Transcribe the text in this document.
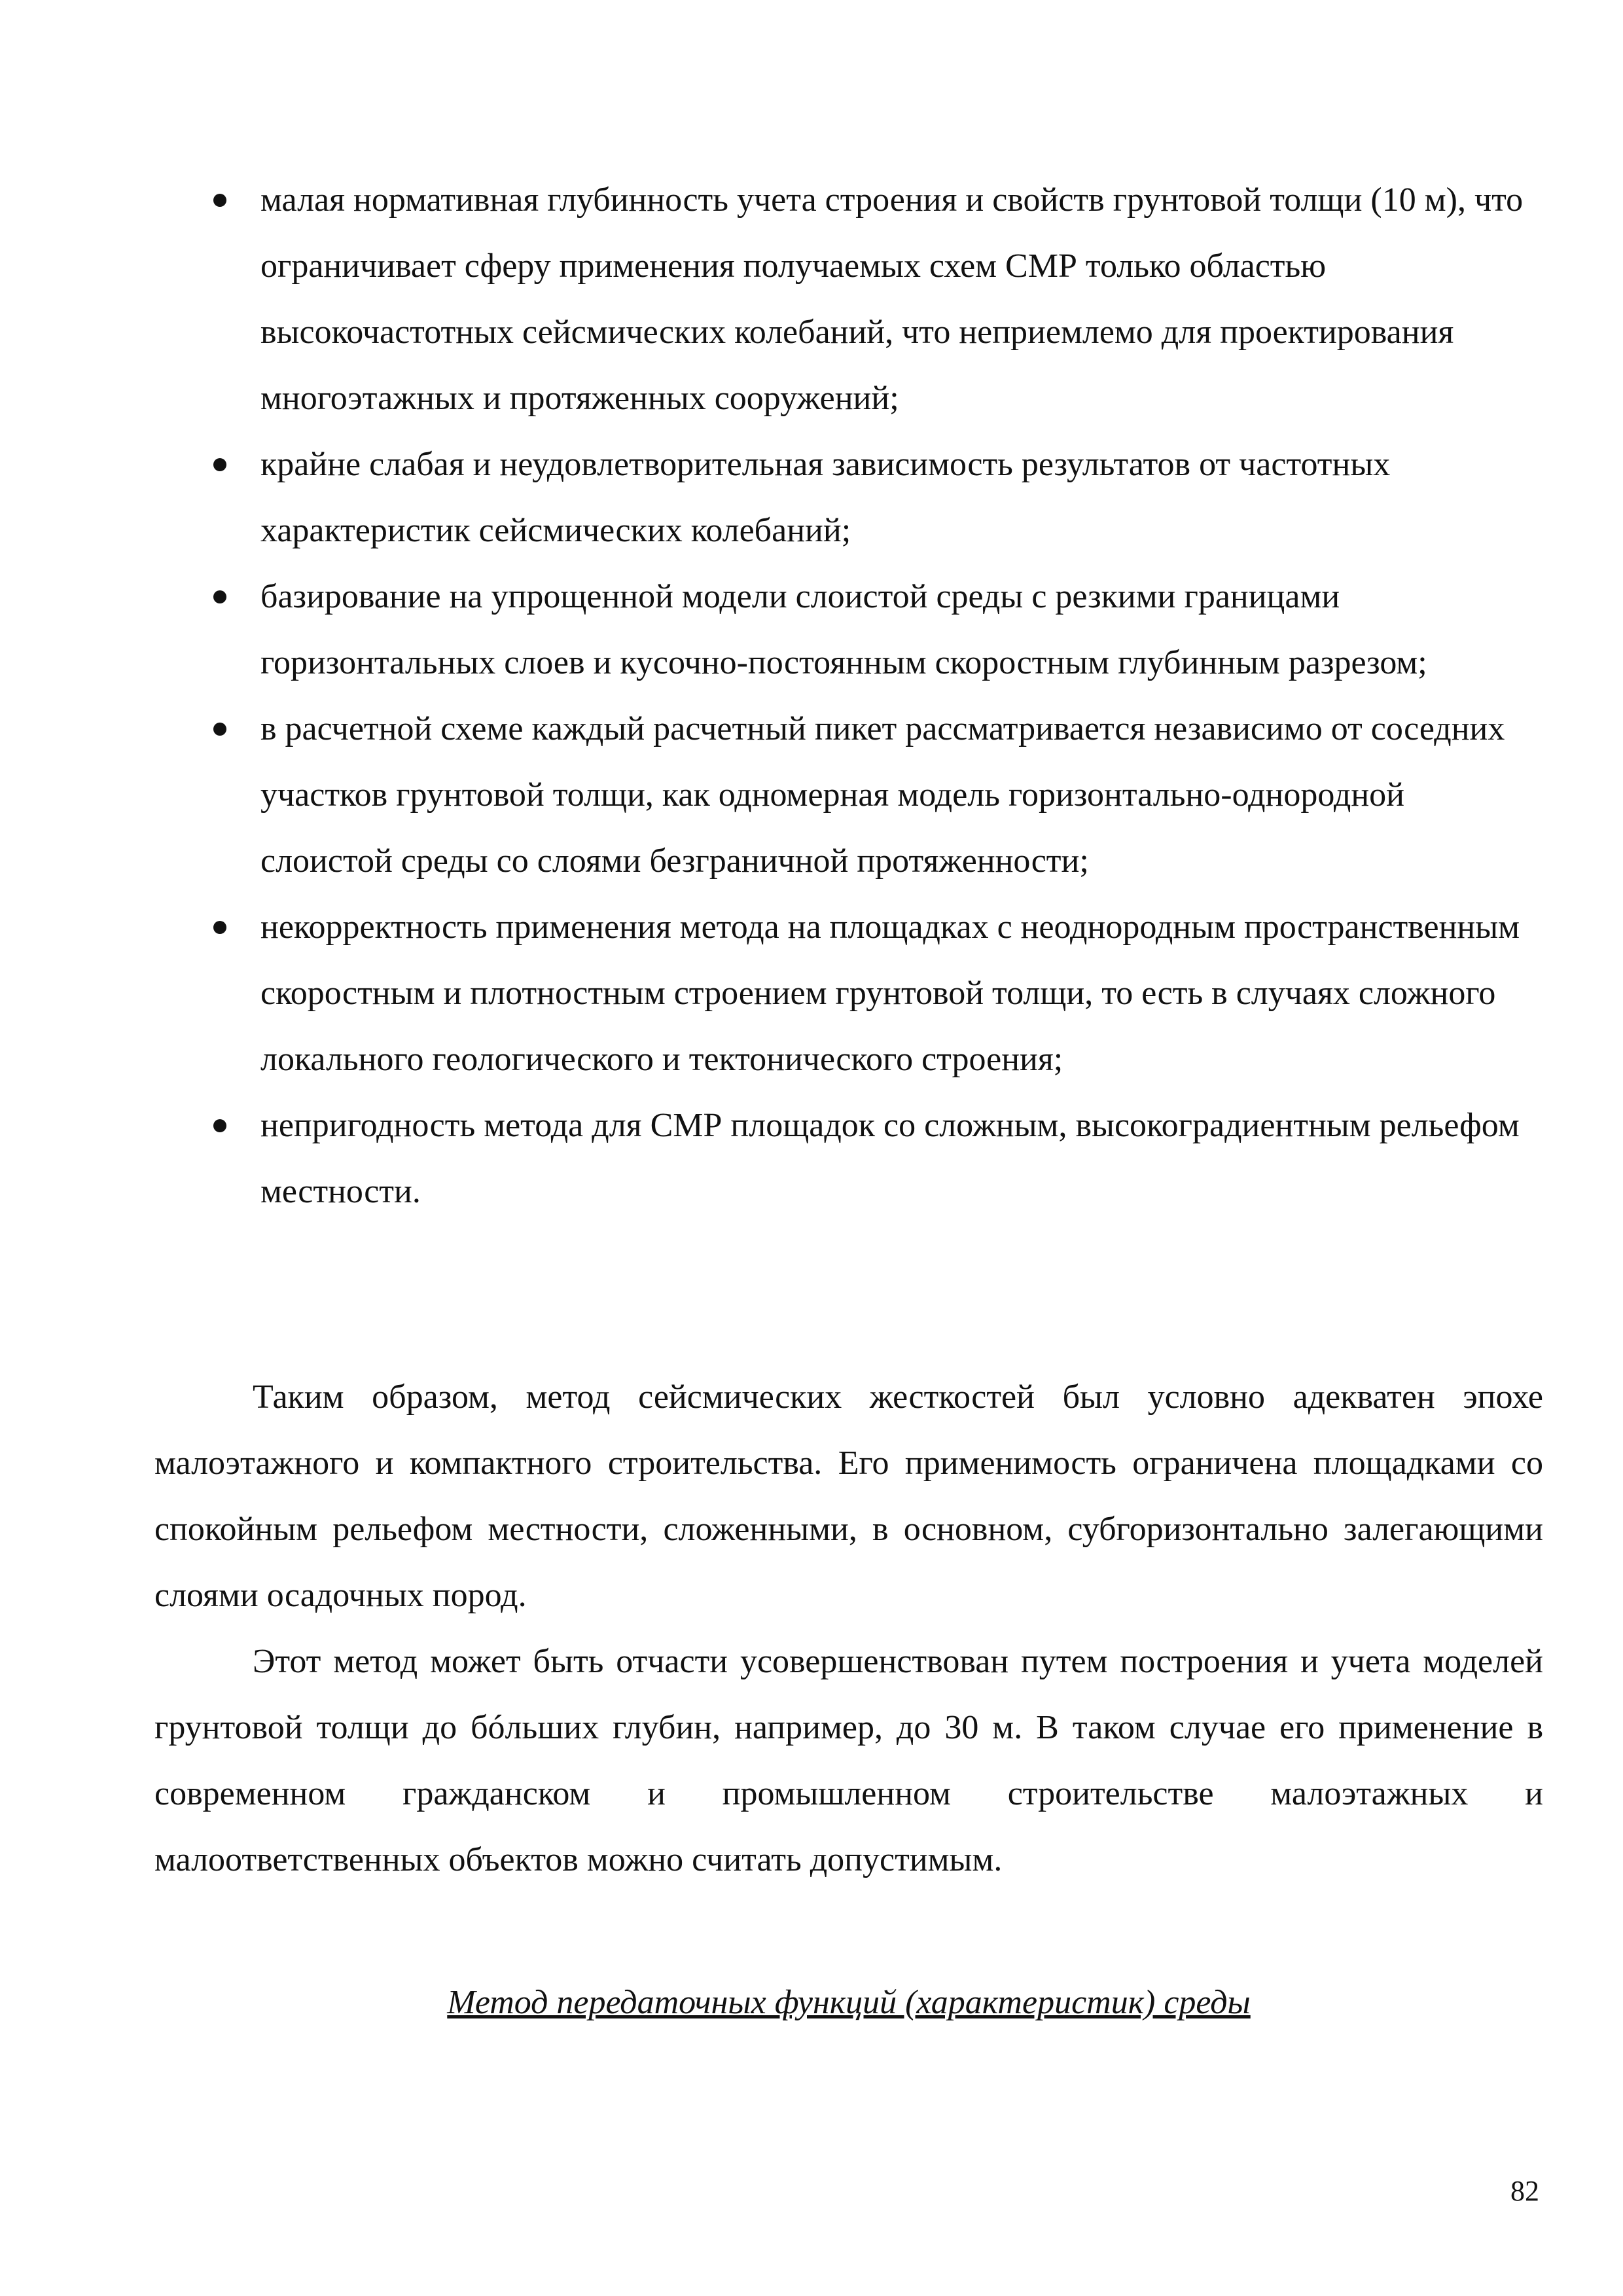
малая нормативная глубинность учета строения и свойств грунтовой толщи (10 м), что ограничивает сферу применения получаемых схем СМР только областью высокочастотных сейсмических колебаний, что неприемлемо для проектирования многоэтажных и протяженных сооружений;
крайне слабая и неудовлетворительная зависимость результатов от частотных характеристик сейсмических колебаний;
базирование на упрощенной модели слоистой среды с резкими границами горизонтальных слоев и кусочно-постоянным скоростным глубинным разрезом;
в расчетной схеме каждый расчетный пикет рассматривается независимо от соседних участков грунтовой толщи, как одномерная модель горизонтально-однородной слоистой среды со слоями безграничной протяженности;
некорректность применения метода на площадках с неоднородным пространственным скоростным и плотностным строением грунтовой толщи, то есть в случаях сложного локального геологического и тектонического строения;
непригодность метода для СМР площадок со сложным, высокоградиентным рельефом местности.

Таким образом, метод сейсмических жесткостей был условно адекватен эпохе малоэтажного и компактного строительства. Его применимость ограничена площадками со спокойным рельефом местности, сложенными, в основном, субгоризонтально залегающими слоями осадочных пород.

Этот метод может быть отчасти усовершенствован путем построения и учета моделей грунтовой толщи до бóльших глубин, например, до 30 м. В таком случае его применение в современном гражданском и промышленном строительстве малоэтажных и малоответственных объектов можно считать допустимым.

Метод передаточных функций (характеристик) среды
82
